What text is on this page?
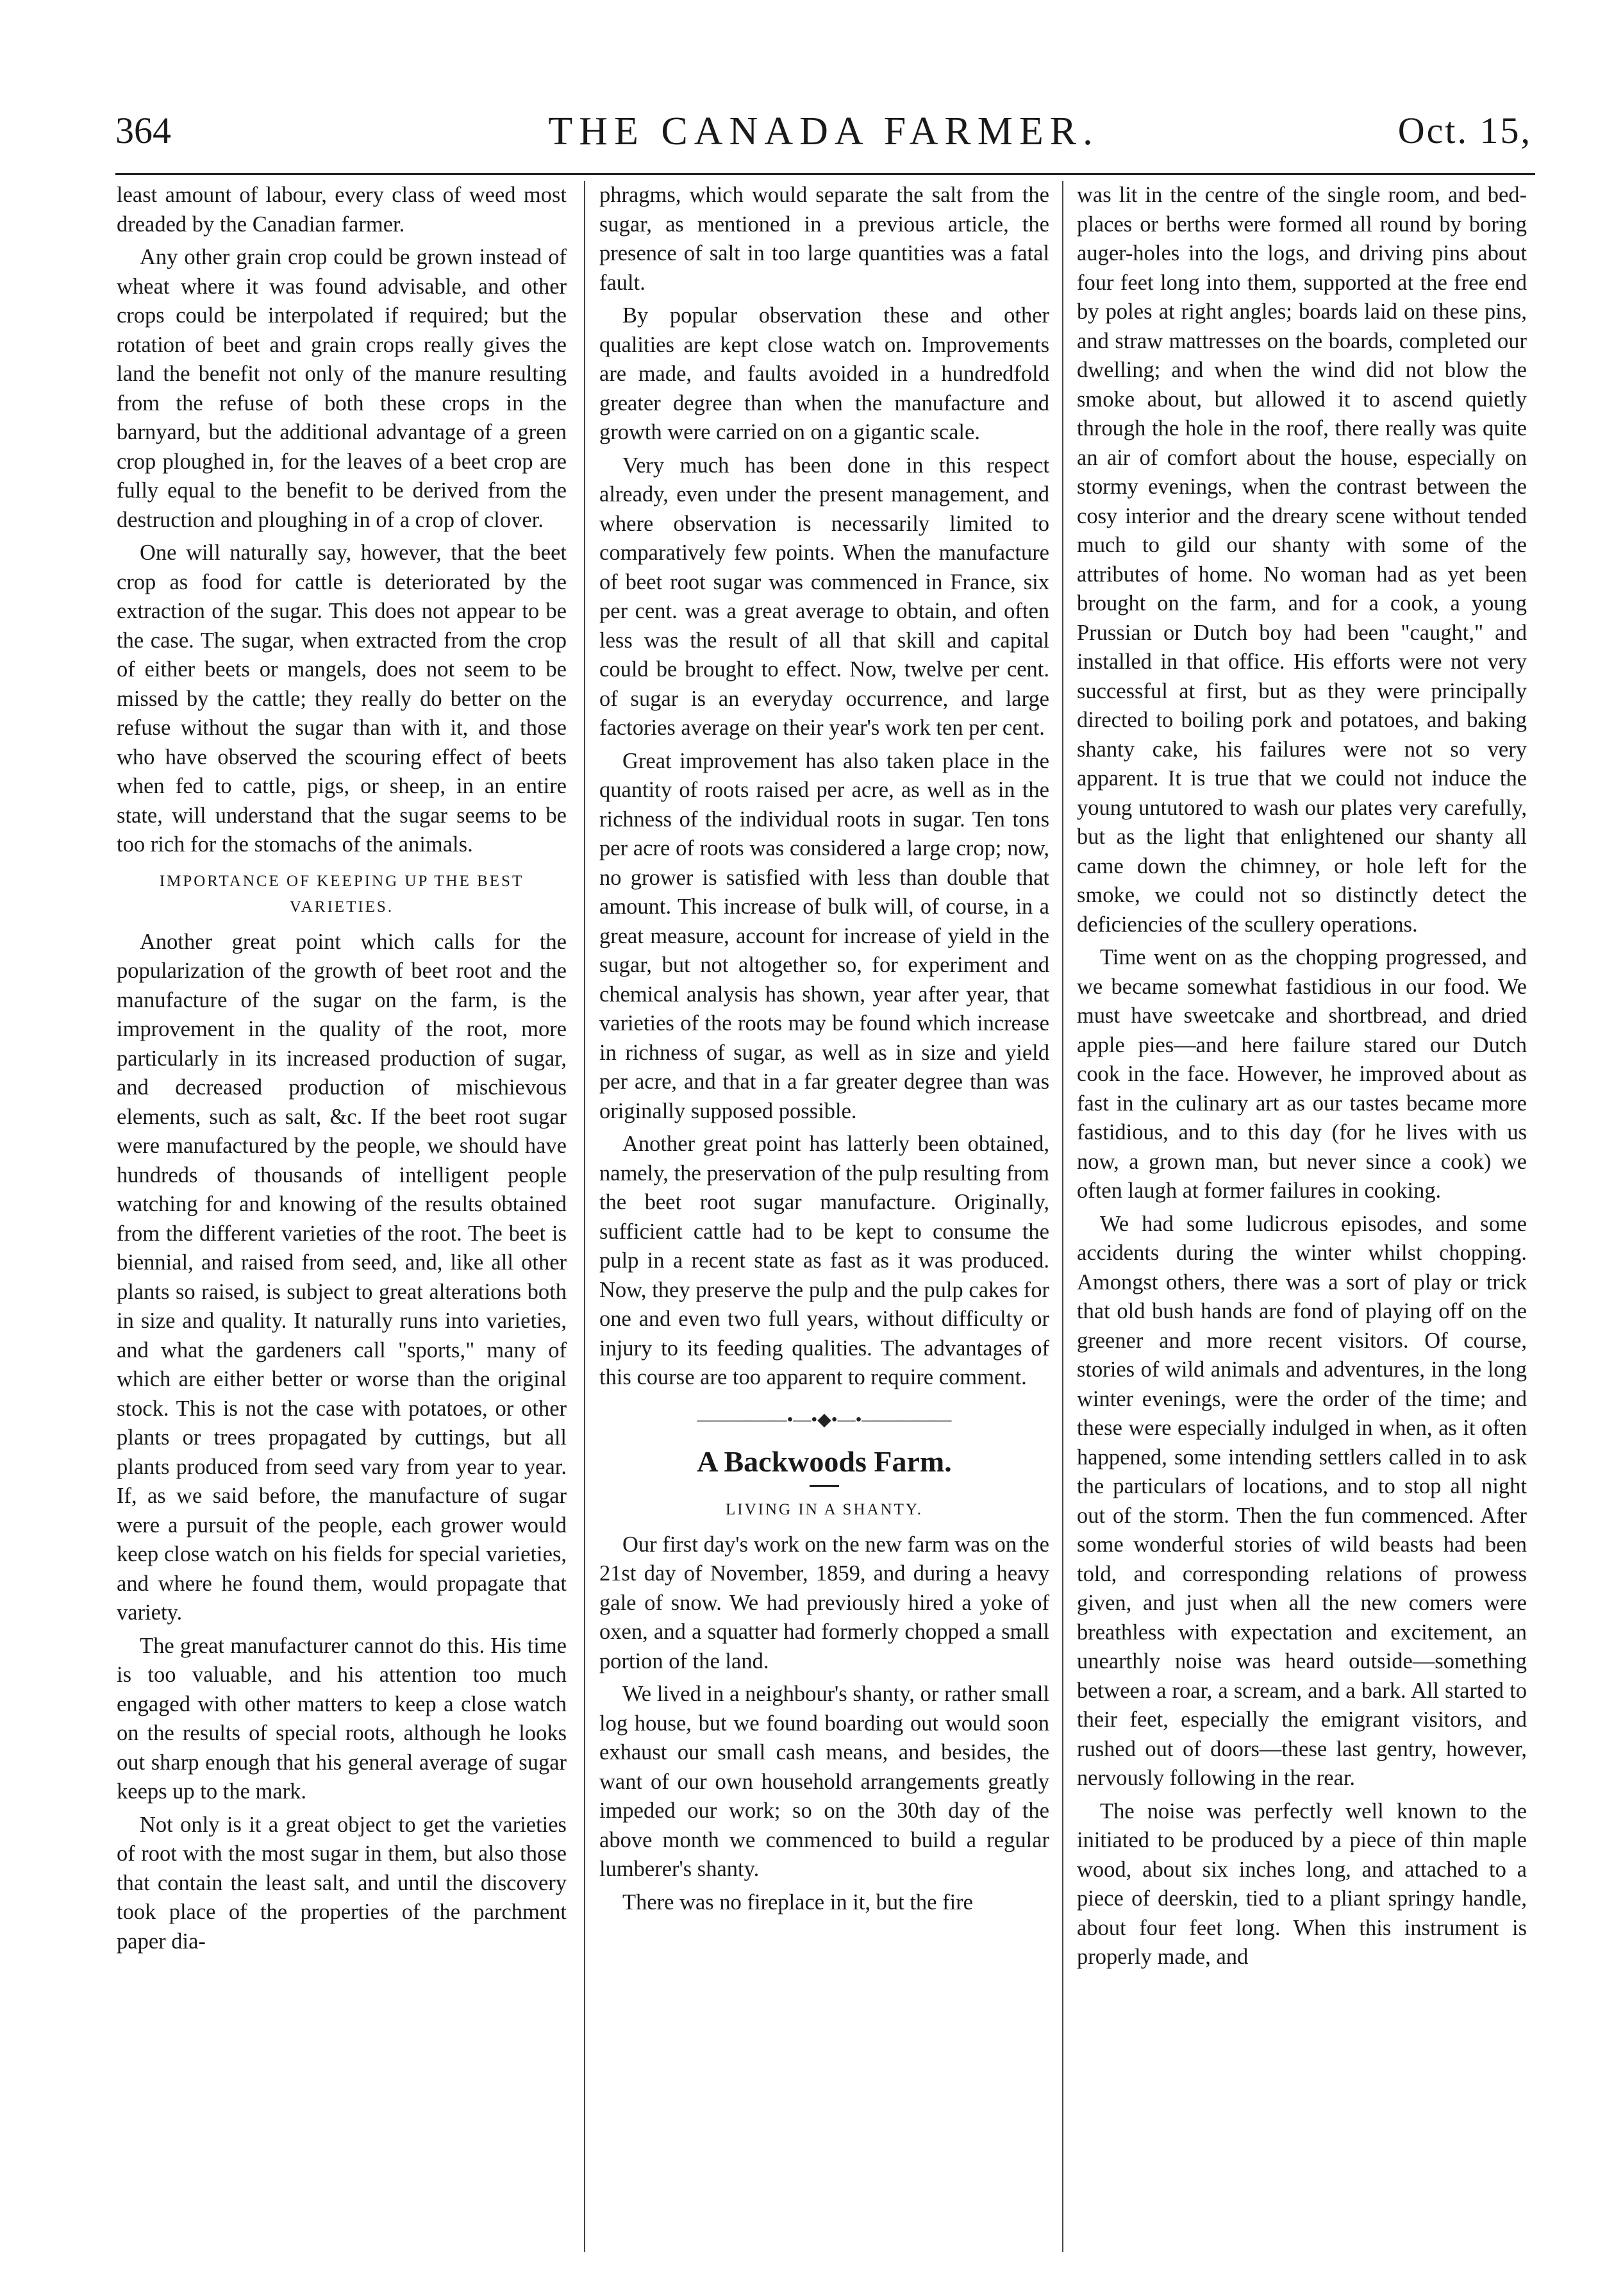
364	THE CANADA FARMER.	Oct. 15,

least amount of labour, every class of weed most dreaded by the Canadian farmer.

Any other grain crop could be grown instead of wheat where it was found advisable, and other crops could be interpolated if required; but the rotation of beet and grain crops really gives the land the benefit not only of the manure resulting from the refuse of both these crops in the barnyard, but the additional advantage of a green crop ploughed in, for the leaves of a beet crop are fully equal to the benefit to be derived from the destruction and ploughing in of a crop of clover.

One will naturally say, however, that the beet crop as food for cattle is deteriorated by the extraction of the sugar. This does not appear to be the case. The sugar, when extracted from the crop of either beets or mangels, does not seem to be missed by the cattle; they really do better on the refuse without the sugar than with it, and those who have observed the scouring effect of beets when fed to cattle, pigs, or sheep, in an entire state, will understand that the sugar seems to be too rich for the stomachs of the animals.

IMPORTANCE OF KEEPING UP THE BEST VARIETIES.

Another great point which calls for the popularization of the growth of beet root and the manufacture of the sugar on the farm, is the improvement in the quality of the root, more particularly in its increased production of sugar, and decreased production of mischievous elements, such as salt, &c. If the beet root sugar were manufactured by the people, we should have hundreds of thousands of intelligent people watching for and knowing of the results obtained from the different varieties of the root. The beet is biennial, and raised from seed, and, like all other plants so raised, is subject to great alterations both in size and quality. It naturally runs into varieties, and what the gardeners call "sports," many of which are either better or worse than the original stock. This is not the case with potatoes, or other plants or trees propagated by cuttings, but all plants produced from seed vary from year to year. If, as we said before, the manufacture of sugar were a pursuit of the people, each grower would keep close watch on his fields for special varieties, and where he found them, would propagate that variety.

The great manufacturer cannot do this. His time is too valuable, and his attention too much engaged with other matters to keep a close watch on the results of special roots, although he looks out sharp enough that his general average of sugar keeps up to the mark.

Not only is it a great object to get the varieties of root with the most sugar in them, but also those that contain the least salt, and until the discovery took place of the properties of the parchment paper dia-

phragms, which would separate the salt from the sugar, as mentioned in a previous article, the presence of salt in too large quantities was a fatal fault.

By popular observation these and other qualities are kept close watch on. Improvements are made, and faults avoided in a hundredfold greater degree than when the manufacture and growth were carried on on a gigantic scale.

Very much has been done in this respect already, even under the present management, and where observation is necessarily limited to comparatively few points. When the manufacture of beet root sugar was commenced in France, six per cent. was a great average to obtain, and often less was the result of all that skill and capital could be brought to effect. Now, twelve per cent. of sugar is an everyday occurrence, and large factories average on their year's work ten per cent.

Great improvement has also taken place in the quantity of roots raised per acre, as well as in the richness of the individual roots in sugar. Ten tons per acre of roots was considered a large crop; now, no grower is satisfied with less than double that amount. This increase of bulk will, of course, in a great measure, account for increase of yield in the sugar, but not altogether so, for experiment and chemical analysis has shown, year after year, that varieties of the roots may be found which increase in richness of sugar, as well as in size and yield per acre, and that in a far greater degree than was originally supposed possible.

Another great point has latterly been obtained, namely, the preservation of the pulp resulting from the beet root sugar manufacture. Originally, sufficient cattle had to be kept to consume the pulp in a recent state as fast as it was produced. Now, they preserve the pulp and the pulp cakes for one and even two full years, without difficulty or injury to its feeding qualities. The advantages of this course are too apparent to require comment.

—————•—•◆•—•—————
A Backwoods Farm.
LIVING IN A SHANTY.

Our first day's work on the new farm was on the 21st day of November, 1859, and during a heavy gale of snow. We had previously hired a yoke of oxen, and a squatter had formerly chopped a small portion of the land.

We lived in a neighbour's shanty, or rather small log house, but we found boarding out would soon exhaust our small cash means, and besides, the want of our own household arrangements greatly impeded our work; so on the 30th day of the above month we commenced to build a regular lumberer's shanty.

There was no fireplace in it, but the fire

was lit in the centre of the single room, and bed-places or berths were formed all round by boring auger-holes into the logs, and driving pins about four feet long into them, supported at the free end by poles at right angles; boards laid on these pins, and straw mattresses on the boards, completed our dwelling; and when the wind did not blow the smoke about, but allowed it to ascend quietly through the hole in the roof, there really was quite an air of comfort about the house, especially on stormy evenings, when the contrast between the cosy interior and the dreary scene without tended much to gild our shanty with some of the attributes of home. No woman had as yet been brought on the farm, and for a cook, a young Prussian or Dutch boy had been "caught," and installed in that office. His efforts were not very successful at first, but as they were principally directed to boiling pork and potatoes, and baking shanty cake, his failures were not so very apparent. It is true that we could not induce the young untutored to wash our plates very carefully, but as the light that enlightened our shanty all came down the chimney, or hole left for the smoke, we could not so distinctly detect the deficiencies of the scullery operations.

Time went on as the chopping progressed, and we became somewhat fastidious in our food. We must have sweetcake and shortbread, and dried apple pies—and here failure stared our Dutch cook in the face. However, he improved about as fast in the culinary art as our tastes became more fastidious, and to this day (for he lives with us now, a grown man, but never since a cook) we often laugh at former failures in cooking.

We had some ludicrous episodes, and some accidents during the winter whilst chopping. Amongst others, there was a sort of play or trick that old bush hands are fond of playing off on the greener and more recent visitors. Of course, stories of wild animals and adventures, in the long winter evenings, were the order of the time; and these were especially indulged in when, as it often happened, some intending settlers called in to ask the particulars of locations, and to stop all night out of the storm. Then the fun commenced. After some wonderful stories of wild beasts had been told, and corresponding relations of prowess given, and just when all the new comers were breathless with expectation and excitement, an unearthly noise was heard outside—something between a roar, a scream, and a bark. All started to their feet, especially the emigrant visitors, and rushed out of doors—these last gentry, however, nervously following in the rear.

The noise was perfectly well known to the initiated to be produced by a piece of thin maple wood, about six inches long, and attached to a piece of deerskin, tied to a pliant springy handle, about four feet long. When this instrument is properly made, and
